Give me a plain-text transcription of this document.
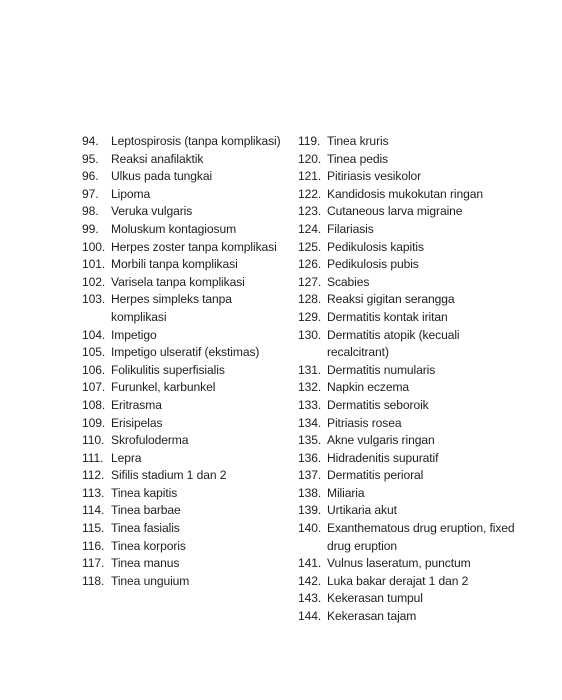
94.	Leptospirosis (tanpa komplikasi)
95.	Reaksi anafilaktik
96.	Ulkus pada tungkai
97.	Lipoma
98.	Veruka vulgaris
99.	Moluskum kontagiosum
100. Herpes zoster tanpa komplikasi
101. Morbili tanpa komplikasi
102. Varisela tanpa komplikasi
103. Herpes simpleks tanpa komplikasi
104. Impetigo
105. Impetigo ulseratif (ekstimas)
106. Folikulitis superfisialis
107. Furunkel, karbunkel
108. Eritrasma
109. Erisipelas
110. Skrofuloderma
111. Lepra
112. Sifilis stadium 1 dan 2
113. Tinea kapitis
114. Tinea barbae
115. Tinea fasialis
116. Tinea korporis
117. Tinea manus
118. Tinea unguium
119. Tinea kruris
120. Tinea pedis
121. Pitiriasis vesikolor
122. Kandidosis mukokutan ringan
123. Cutaneous larva migraine
124. Filariasis
125. Pedikulosis kapitis
126. Pedikulosis pubis
127. Scabies
128. Reaksi gigitan serangga
129. Dermatitis kontak iritan
130. Dermatitis atopik (kecuali recalcitrant)
131. Dermatitis numularis
132. Napkin eczema
133. Dermatitis seboroik
134. Pitriasis rosea
135. Akne vulgaris ringan
136. Hidradenitis supuratif
137. Dermatitis perioral
138. Miliaria
139. Urtikaria akut
140. Exanthematous drug eruption, fixed drug eruption
141. Vulnus laseratum, punctum
142. Luka bakar derajat 1 dan 2
143. Kekerasan tumpul
144. Kekerasan tajam
